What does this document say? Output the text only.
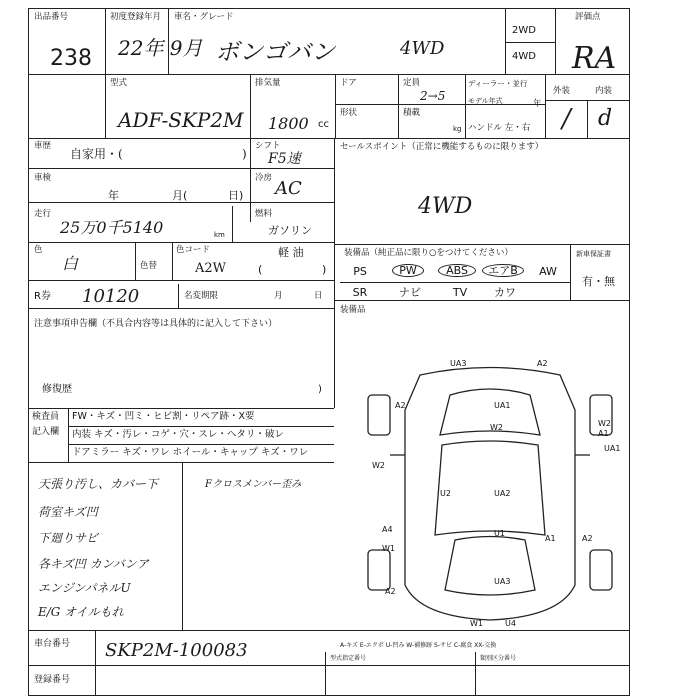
出品番号
238
初度登録年月
22年 9月
車名・グレード
ボンゴバン	4WD
2WD
4WD
評価点
RA
型式
ADF-SKP2M
排気量
1800 cc
ドア	定員
2→5
ディーラー・並行
モデル年式	年
形状	積載
kg ハンドル 左・右
外装	内装
/ d
車歴
自家用・(	)
シフト
F5速
セールスポイント（正常に機能するものに限ります）
4WD
車検
年	月(	日)
冷房 AC
走行
25万0千5140	km
燃料
ガソリン
軽 油
(	)
色
白	色替
色コード
A2W
装備品（純正品に限り○をつけてください）	新車保証書
有・無
PS	PW	ABS	エアB	AW
SR	ナビ	TV	カワ
装備品
R券 10120	名変期限	月	日
注意事項申告欄（不具合内容等は具体的に記入して下さい）
修復歴	)
検査員
記入欄
FW・キズ・凹ミ・ヒビ割・リペア跡・X要
内装 キズ・汚レ・コゲ・穴・スレ・ヘタリ・破レ
ドアミラー キズ・ワレ ホイール・キャップ キズ・ワレ
天張り汚し、カバー下
荷室キズ凹
下廻りサビ
各キズ凹 カンバンア
エンジンパネルU
E/G オイルもれ
Fクロスメンバー歪み
UA3	A2
A2	UA1
W2	W2
A1
UA1
W2
U2
A4
UA2
U1
A1	A2
W1
UA3
A2
W1	U4
車台番号 SKP2M-100083	A-キズ E-エクボ U-凹み W-補修跡 S-サビ C-腐食 XX-交換
登録番号
型式指定番号	類別区分番号
